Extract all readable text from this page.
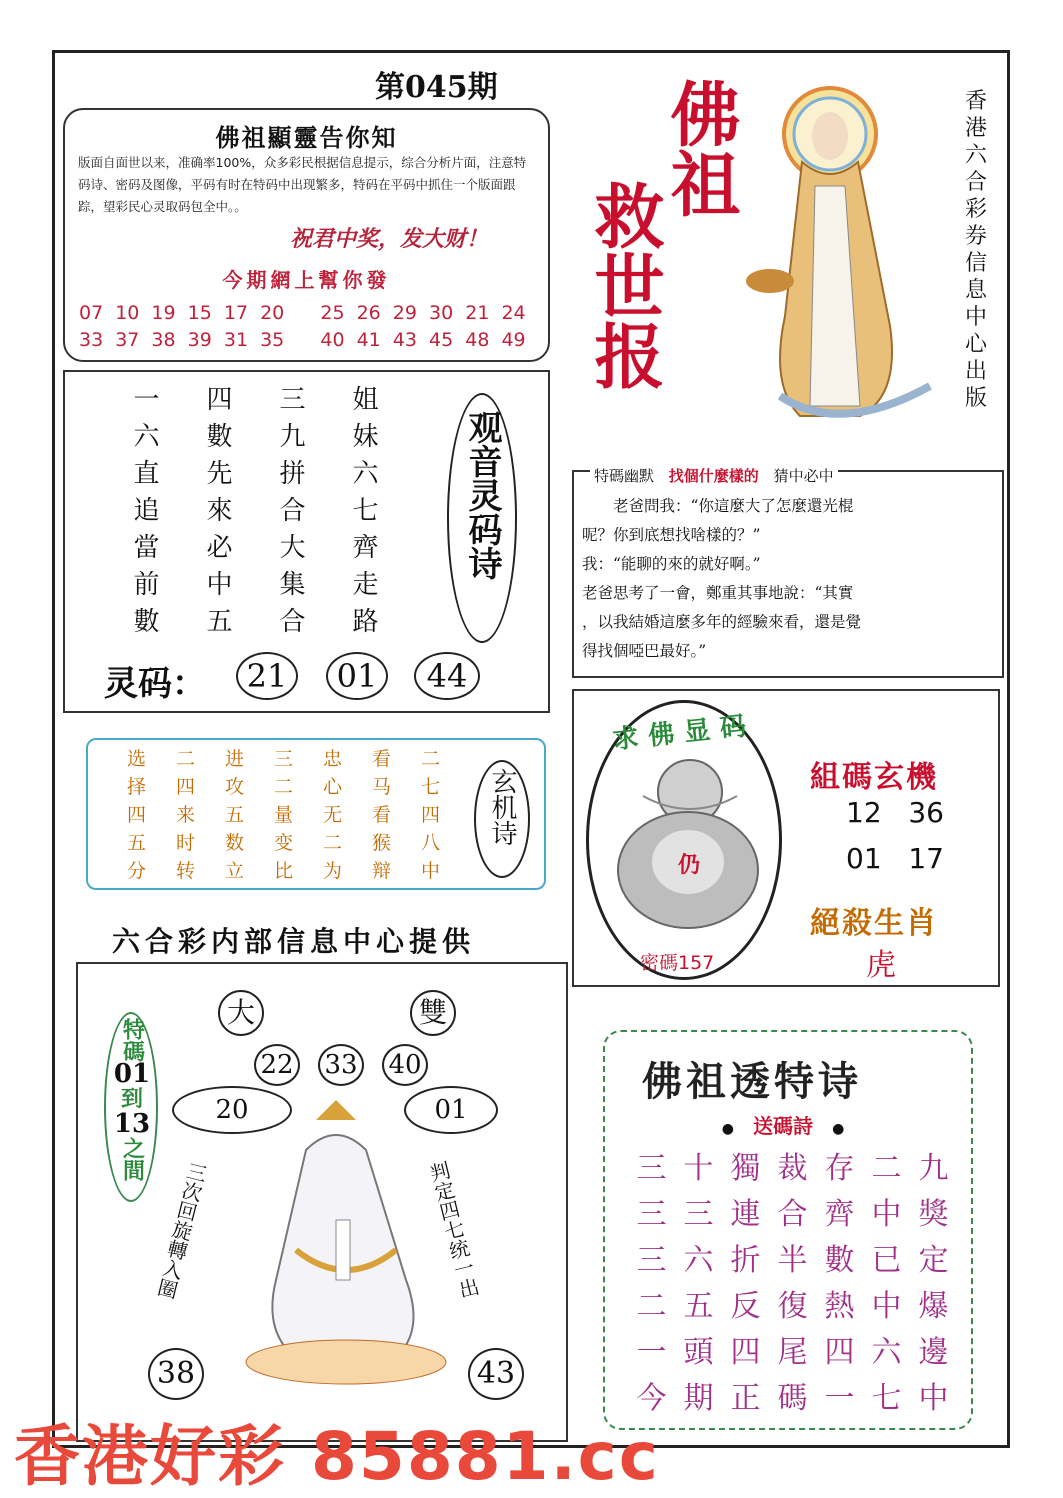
第045期
佛祖顯靈告你知
版面自面世以来，准确率100%，众多彩民根据信息提示，综合分析片面，注意特码诗、密码及图像，平码有时在特码中出现繁多，特码在平码中抓住一个版面跟踪，望彩民心灵取码包全中。。
祝君中奖，发大财！
今期網上幫你發
07 10 19 15 17 20   25 26 29 30 21 24
33 37 38 39 31 35   40 41 43 45 48 49
佛祖
救世报
香港六合彩券信息中心出版
一	四	三	姐
六	數	九	妹
直	先	拼	六
追	來	合	七
當	必	大	齊
前	中	集	走
數	五	合	路
观音灵码诗
灵码：	21	01	44
特碼幽默 找個什麼樣的 猜中必中
　　老爸問我：“你這麼大了怎麼還光棍
呢？你到底想找啥樣的？”
我：“能聊的來的就好啊。”
老爸思考了一會，鄭重其事地說：“其實
，以我結婚這麼多年的經驗來看，還是覺
得找個啞巴最好。”
求佛显码
仍
密碼157
組碼玄機
12   36
01   17
絕殺生肖
虎
选	二	进	三	忠	看	二
择	四	攻	二	心	马	七
四	来	五	量	无	看	四
五	时	数	变	二	猴	八
分	转	立	比	为	辩	中
玄机诗
六合彩内部信息中心提供
大	雙
22 33 40
20	01
特碼
01
到
13
之間
三次回旋轉入圈	判定四七统一出
38	43
佛祖透特诗
● 送碼詩 ●
三 十 獨 裁 存 二 九
三 三 連 合 齊 中 獎
三 六 折 半 數 已 定
二 五 反 復 熱 中 爆
一 頭 四 尾 四 六 邊
今 期 正 碼 一 七 中
香港好彩 85881.cc
